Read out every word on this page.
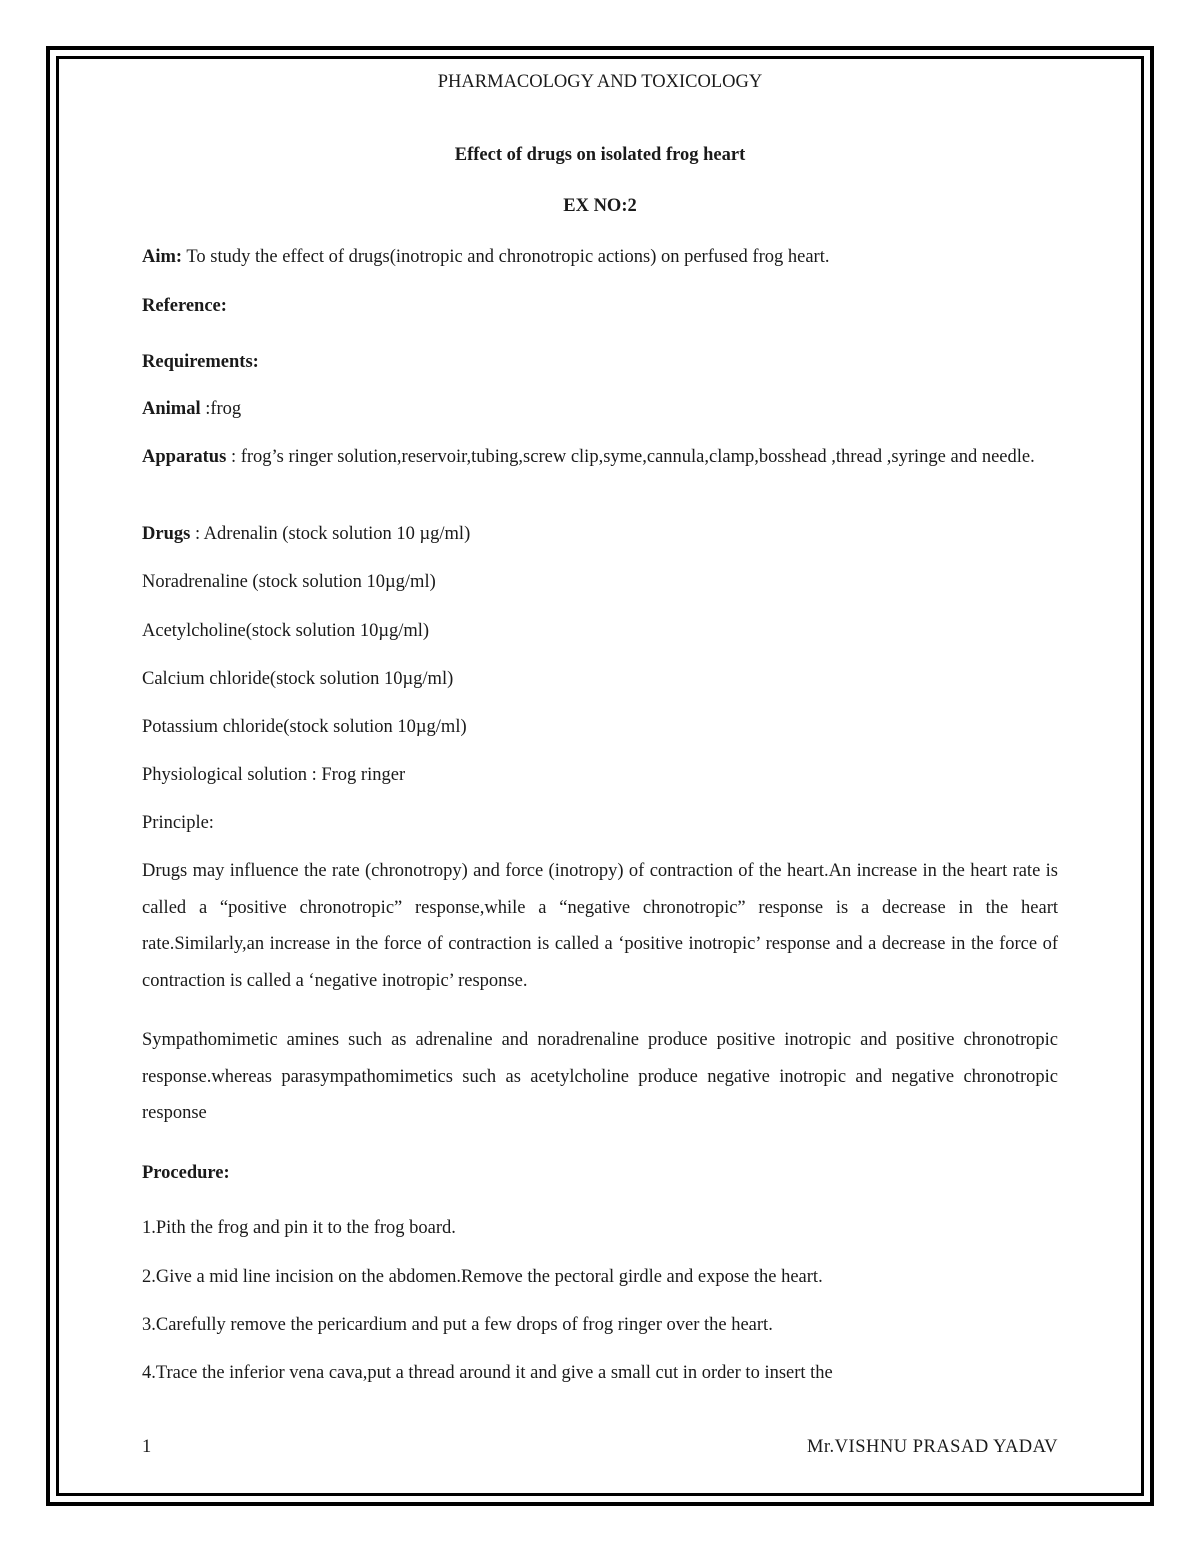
PHARMACOLOGY AND TOXICOLOGY
Effect of drugs on isolated frog heart
EX NO:2
Aim: To study the effect of drugs(inotropic and chronotropic actions) on perfused frog heart.
Reference:
Requirements:
Animal :frog
Apparatus : frog’s ringer solution,reservoir,tubing,screw clip,syme,cannula,clamp,bosshead ,thread ,syringe and needle.
Drugs : Adrenalin (stock solution 10 µg/ml)
Noradrenaline (stock solution 10µg/ml)
Acetylcholine(stock solution 10µg/ml)
Calcium chloride(stock solution 10µg/ml)
Potassium chloride(stock solution 10µg/ml)
Physiological solution : Frog ringer
Principle:
Drugs may influence the rate (chronotropy) and force (inotropy) of contraction of the heart.An increase in the heart rate is called a “positive chronotropic” response,while a “negative chronotropic” response is a decrease in the heart rate.Similarly,an increase in the force of contraction is called a ‘positive inotropic’ response and a decrease in the force of contraction is called a ‘negative inotropic’ response.
Sympathomimetic amines such as adrenaline and noradrenaline produce positive inotropic and positive chronotropic response.whereas parasympathomimetics such as acetylcholine produce negative inotropic and negative chronotropic response
Procedure:
1.Pith the frog and pin it to the frog board.
2.Give a mid line incision on the abdomen.Remove the pectoral girdle and expose the heart.
3.Carefully remove the pericardium and put a few drops of frog ringer over the heart.
4.Trace the inferior vena cava,put a thread around it and give a small cut in order to insert the
1	Mr.VISHNU PRASAD YADAV
